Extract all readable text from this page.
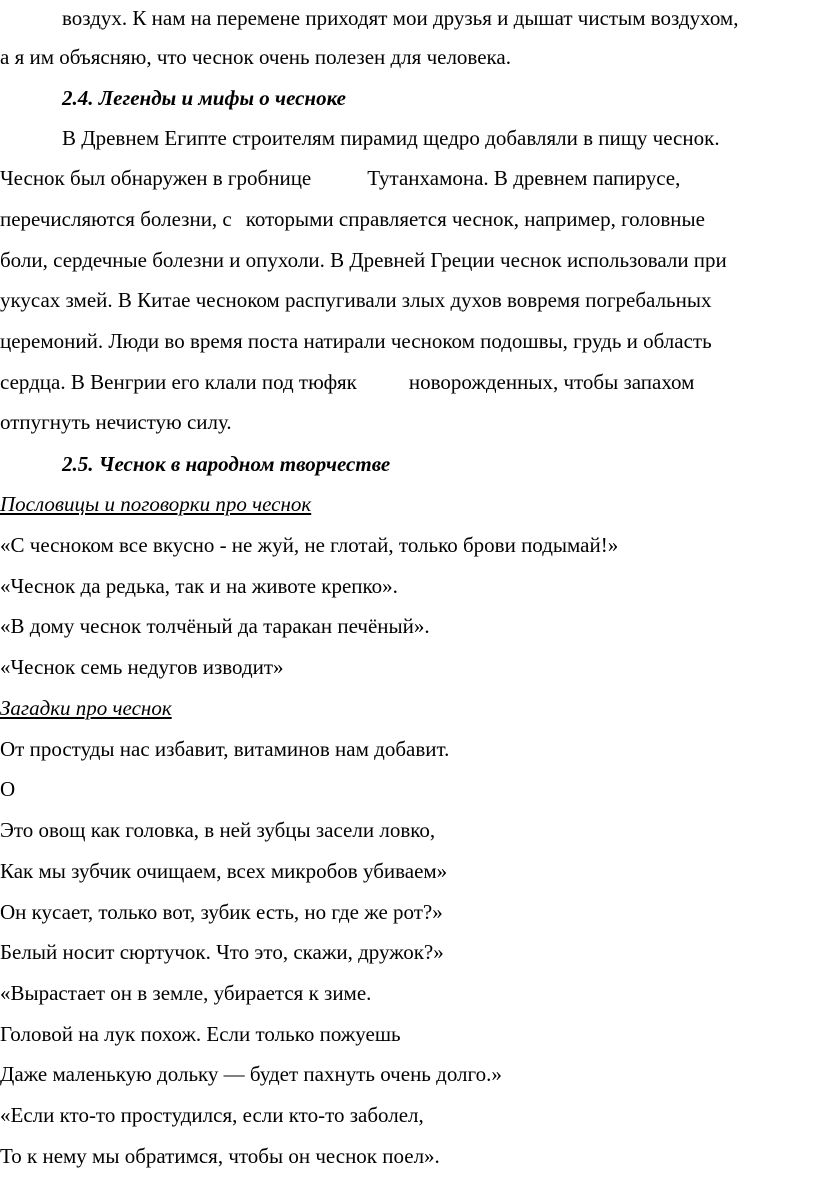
воздух. К нам на перемене приходят мои друзья и дышат чистым воздухом,
а я им объясняю, что чеснок очень полезен для человека.
2.4. Легенды и мифы о чесноке
В Древнем Египте строителям пирамид щедро добавляли в пищу чеснок.
Чеснок был обнаружен в гробнице	Тутанхамона. В древнем папирусе,
перечисляются болезни, с которыми справляется чеснок, например, головные
боли, сердечные болезни и опухоли. В Древней Греции чеснок использовали при
укусах змей. В Китае чесноком распугивали злых духов вовремя погребальных
церемоний. Люди во время поста натирали чесноком подошвы, грудь и область
сердца. В Венгрии его клали под тюфяк новорожденных, чтобы запахом
отпугнуть нечистую силу.
2.5. Чеснок в народном творчестве
Пословицы и поговорки про чеснок
«С чесноком все вкусно - не жуй, не глотай, только брови подымай!»
«Чеснок да редька, так и на животе крепко».
«В дому чеснок толчёный да таракан печёный».
«Чеснок семь недугов изводит»
Загадки про чеснок
От простуды нас избавит, витаминов нам добавит.
О
Это овощ как головка, в ней зубцы засели ловко,
Как мы зубчик очищаем, всех микробов убиваем»
Он кусает, только вот, зубик есть, но где же рот?»
Белый носит сюртучок. Что это, скажи, дружок?»
«Вырастает он в земле, убирается к зиме.
Головой на лук похож. Если только пожуешь
Даже маленькую дольку — будет пахнуть очень долго.»
«Если кто-то простудился, если кто-то заболел,
То к нему мы обратимся, чтобы он чеснок поел».
